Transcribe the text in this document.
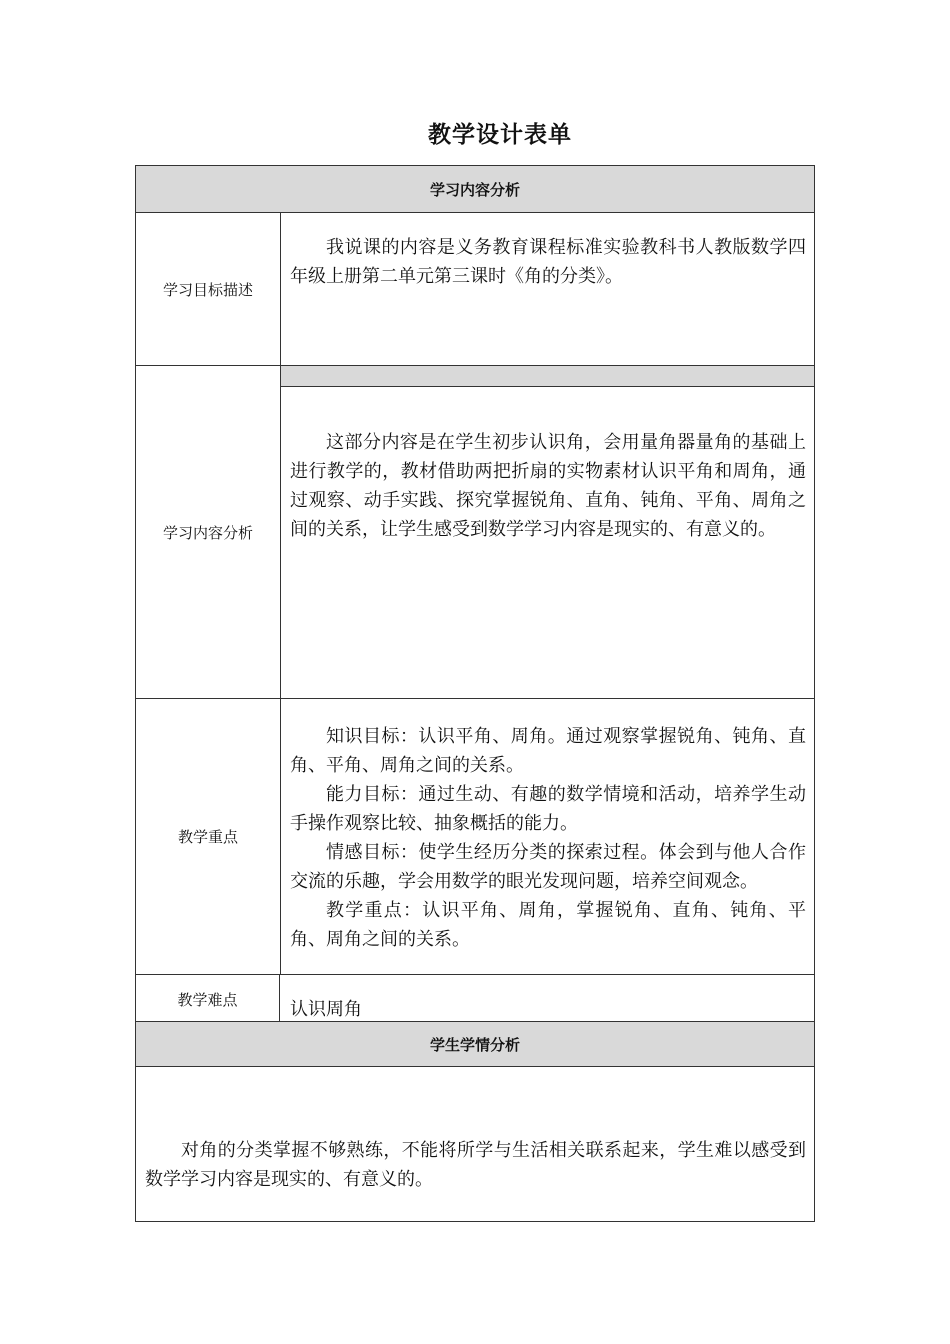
教学设计表单
学习内容分析
学习目标描述

我说课的内容是义务教育课程标准实验教科书人教版数学四年级上册第二单元第三课时《角的分类》。

学习内容分析

这部分内容是在学生初步认识角，会用量角器量角的基础上进行教学的，教材借助两把折扇的实物素材认识平角和周角，通过观察、动手实践、探究掌握锐角、直角、钝角、平角、周角之间的关系，让学生感受到数学学习内容是现实的、有意义的。

教学重点

知识目标：认识平角、周角。通过观察掌握锐角、钝角、直角、平角、周角之间的关系。

能力目标：通过生动、有趣的数学情境和活动，培养学生动手操作观察比较、抽象概括的能力。

情感目标：使学生经历分类的探索过程。体会到与他人合作交流的乐趣，学会用数学的眼光发现问题，培养空间观念。

教学重点：认识平角、周角，掌握锐角、直角、钝角、平角、周角之间的关系。

教学难点	认识周角

学生学情分析

对角的分类掌握不够熟练，不能将所学与生活相关联系起来，学生难以感受到数学学习内容是现实的、有意义的。
